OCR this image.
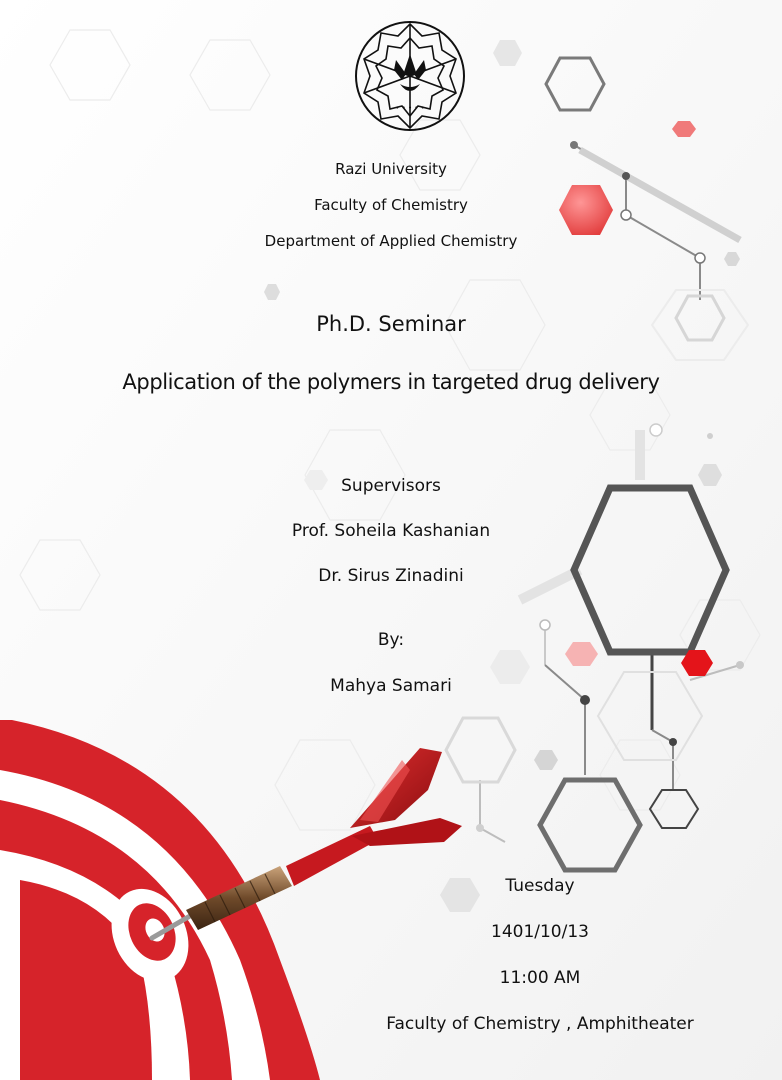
• • • • •

Razi University

Faculty of Chemistry

Department of Applied Chemistry

Ph.D. Seminar

Application of the polymers in targeted drug delivery

Supervisors

Prof. Soheila Kashanian

Dr. Sirus Zinadini

By:

Mahya Samari

Tuesday

1401/10/13

11:00 AM

Faculty of Chemistry , Amphitheater
